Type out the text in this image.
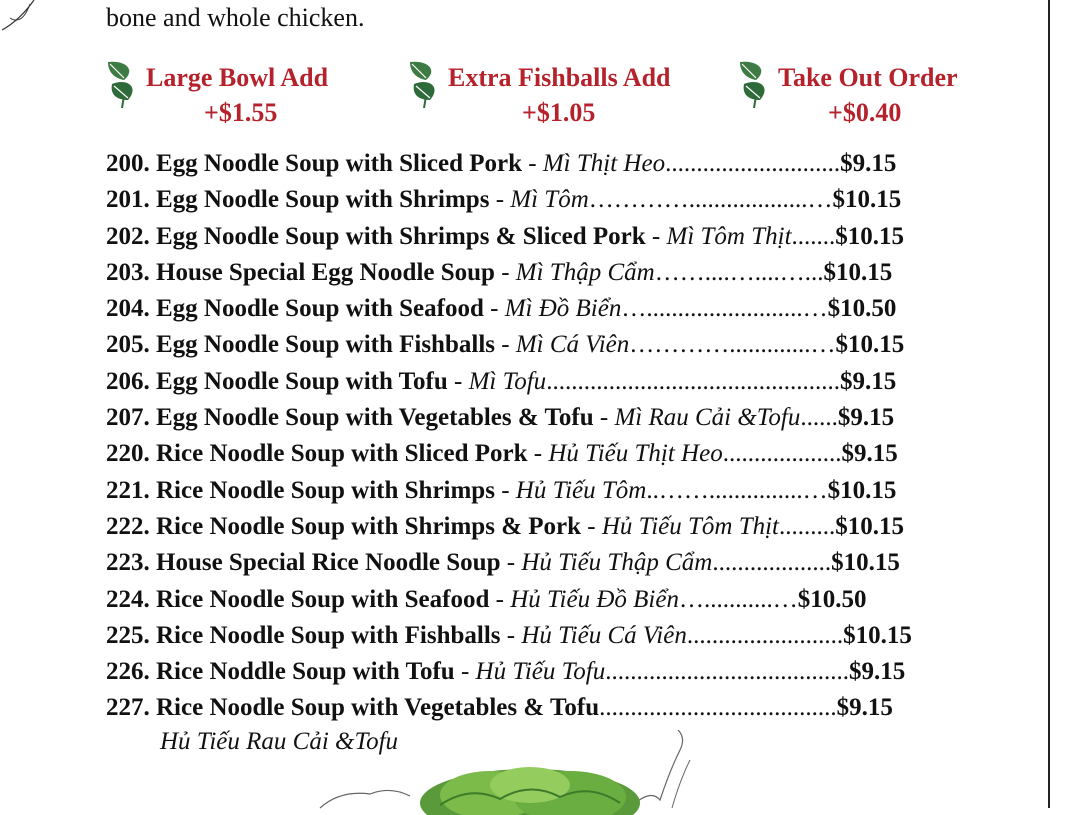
bone and whole chicken.
Large Bowl Add
+$1.55
Extra Fishballs Add
+$1.05
Take Out Order
+$0.40
200. Egg Noodle Soup with Sliced Pork - Mì Thịt Heo............................$9.15
201. Egg Noodle Soup with Shrimps - Mì Tôm…………...................…$10.15
202. Egg Noodle Soup with Shrimps & Sliced Pork - Mì Tôm Thịt.......$10.15
203. House Special Egg Noodle Soup - Mì Thập Cẩm……....…....…...$10.15
204. Egg Noodle Soup with Seafood - Mì Đồ Biển….........................…$10.50
205. Egg Noodle Soup with Fishballs - Mì Cá Viên………….............…$10.15
206. Egg Noodle Soup with Tofu - Mì Tofu...............................................$9.15
207. Egg Noodle Soup with Vegetables & Tofu - Mì Rau Cải &Tofu......$9.15
220. Rice Noodle Soup with Sliced Pork - Hủ Tiếu Thịt Heo...................$9.15
221. Rice Noodle Soup with Shrimps - Hủ Tiếu Tôm..……...............…$10.15
222. Rice Noodle Soup with Shrimps & Pork - Hủ Tiếu Tôm Thịt.........$10.15
223. House Special Rice Noodle Soup - Hủ Tiếu Thập Cẩm...................$10.15
224. Rice Noodle Soup with Seafood - Hủ Tiếu Đồ Biển…...........…$10.50
225. Rice Noodle Soup with Fishballs - Hủ Tiếu Cá Viên.........................$10.15
226. Rice Noddle Soup with Tofu - Hủ Tiếu Tofu.......................................$9.15
227. Rice Noodle Soup with Vegetables & Tofu......................................$9.15
Hủ Tiếu Rau Cải &Tofu
